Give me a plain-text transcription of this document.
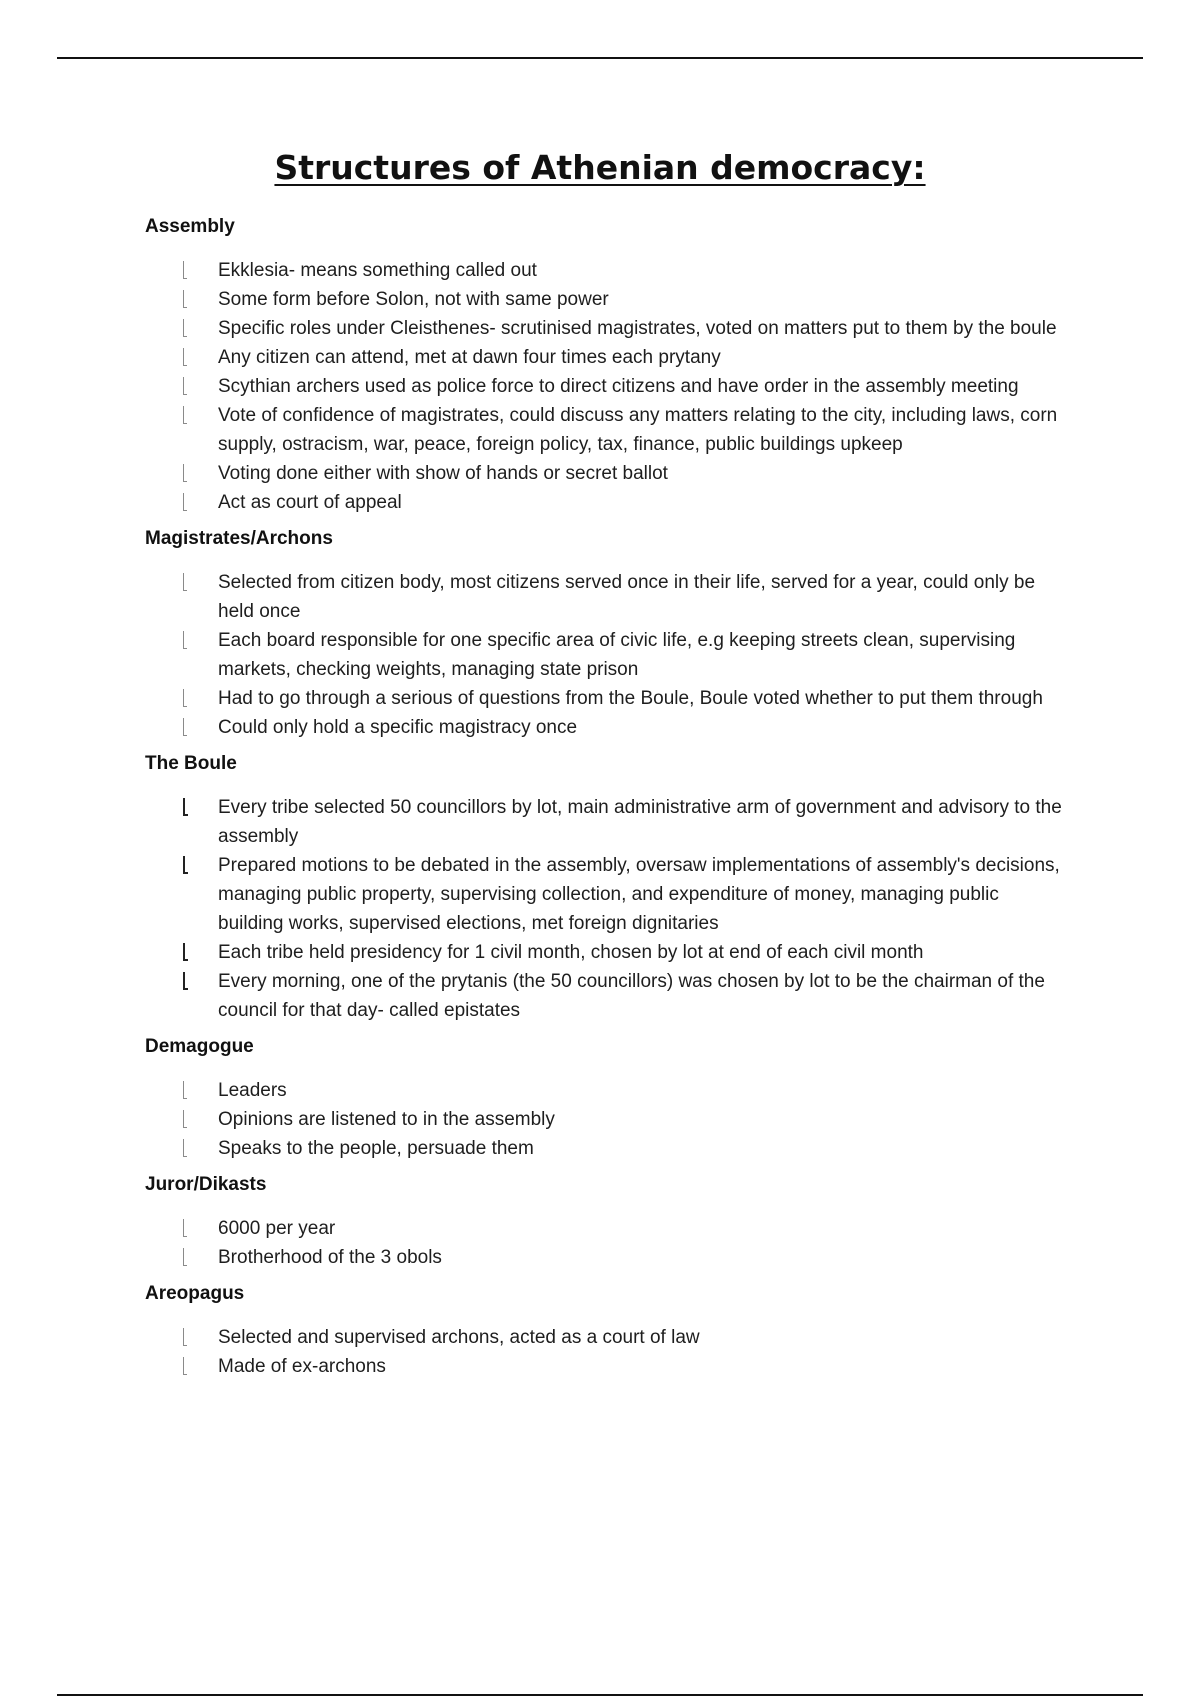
Structures of Athenian democracy:

Assembly

Ekklesia- means something called out
Some form before Solon, not with same power
Specific roles under Cleisthenes- scrutinised magistrates, voted on matters put to them by the boule
Any citizen can attend, met at dawn four times each prytany
Scythian archers used as police force to direct citizens and have order in the assembly meeting
Vote of confidence of magistrates, could discuss any matters relating to the city, including laws, corn supply, ostracism, war, peace, foreign policy, tax, finance, public buildings upkeep
Voting done either with show of hands or secret ballot
Act as court of appeal

Magistrates/Archons

Selected from citizen body, most citizens served once in their life, served for a year, could only be held once
Each board responsible for one specific area of civic life, e.g keeping streets clean, supervising markets, checking weights, managing state prison
Had to go through a serious of questions from the Boule, Boule voted whether to put them through
Could only hold a specific magistracy once

The Boule

Every tribe selected 50 councillors by lot, main administrative arm of government and advisory to the assembly
Prepared motions to be debated in the assembly, oversaw implementations of assembly's decisions, managing public property, supervising collection, and expenditure of money, managing public building works, supervised elections, met foreign dignitaries
Each tribe held presidency for 1 civil month, chosen by lot at end of each civil month
Every morning, one of the prytanis (the 50 councillors) was chosen by lot to be the chairman of the council for that day- called epistates

Demagogue

Leaders
Opinions are listened to in the assembly
Speaks to the people, persuade them

Juror/Dikasts

6000 per year
Brotherhood of the 3 obols

Areopagus

Selected and supervised archons, acted as a court of law
Made of ex-archons
